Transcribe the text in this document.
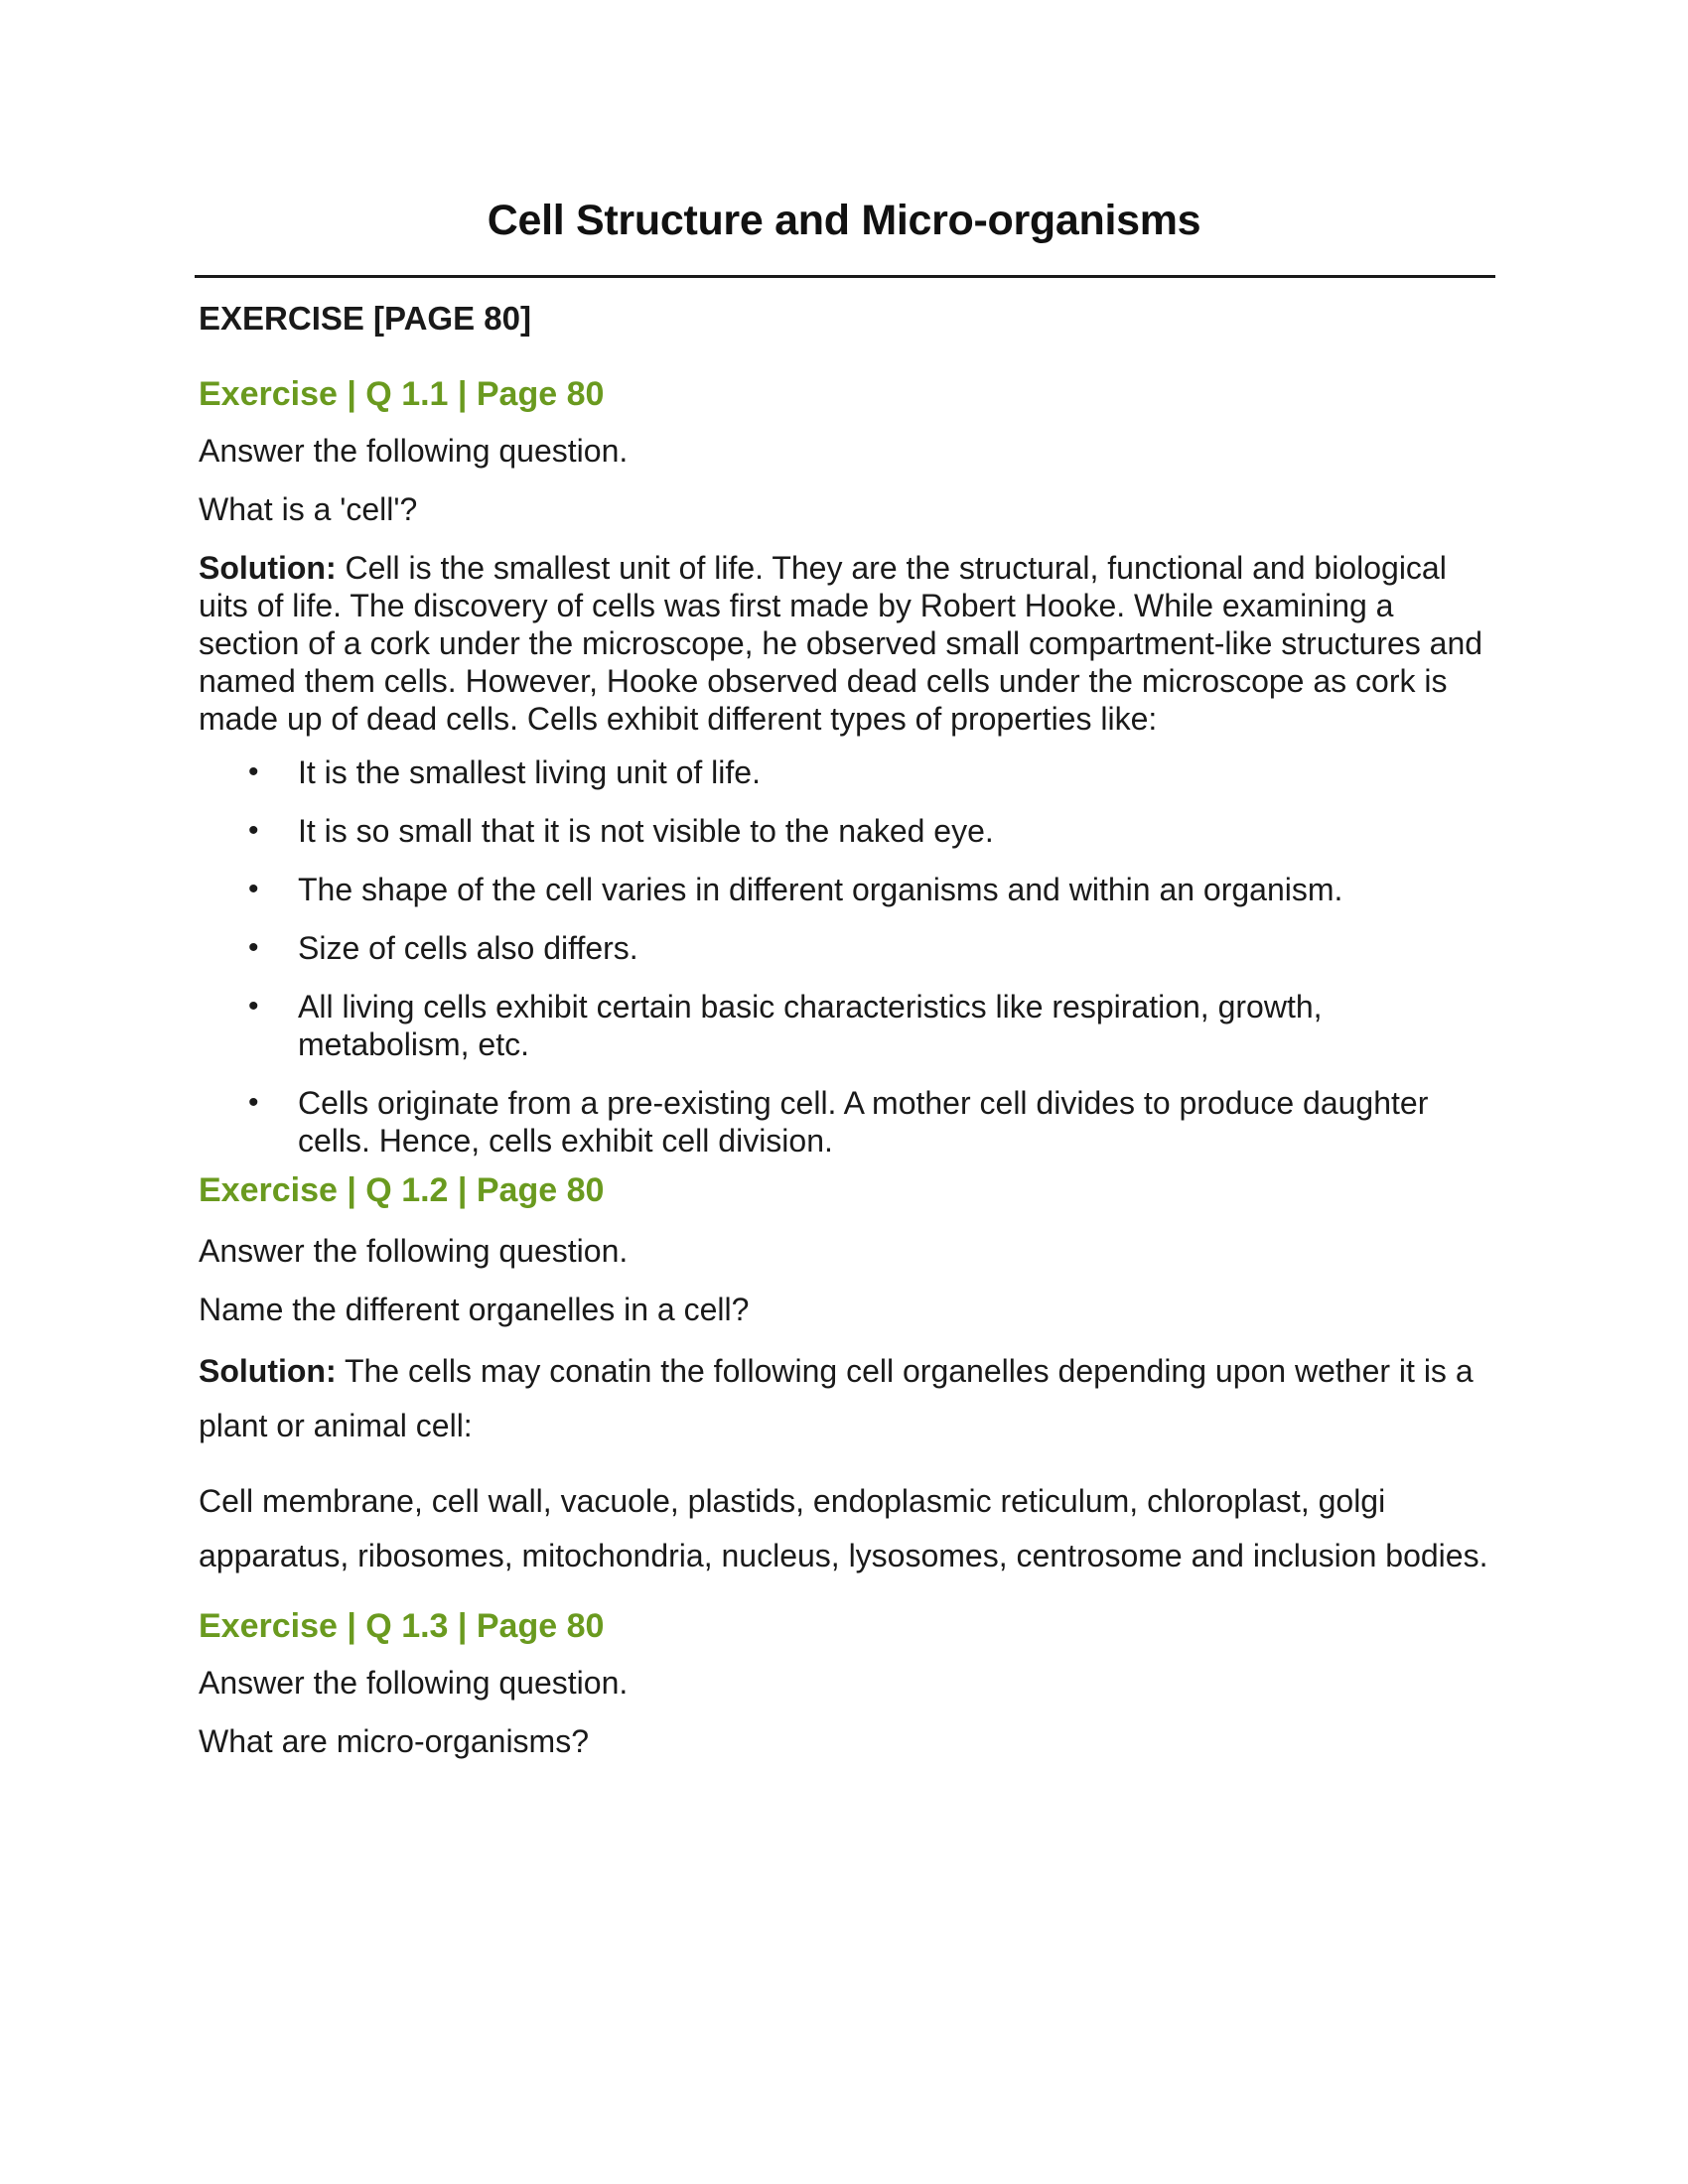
Cell Structure and Micro-organisms
EXERCISE [PAGE 80]
Exercise | Q 1.1 | Page 80

Answer the following question.

What is a 'cell'?

Solution: Cell is the smallest unit of life. They are the structural, functional and biological uits of life. The discovery of cells was first made by Robert Hooke. While examining a section of a cork under the microscope, he observed small compartment-like structures and named them cells. However, Hooke observed dead cells under the microscope as cork is made up of dead cells. Cells exhibit different types of properties like:

• It is the smallest living unit of life.
• It is so small that it is not visible to the naked eye.
• The shape of the cell varies in different organisms and within an organism.
• Size of cells also differs.
• All living cells exhibit certain basic characteristics like respiration, growth, metabolism, etc.
• Cells originate from a pre-existing cell. A mother cell divides to produce daughter cells. Hence, cells exhibit cell division.
Exercise | Q 1.2 | Page 80

Answer the following question.

Name the different organelles in a cell?

Solution: The cells may conatin the following cell organelles depending upon wether it is a plant or animal cell:

Cell membrane, cell wall, vacuole, plastids, endoplasmic reticulum, chloroplast, golgi apparatus, ribosomes, mitochondria, nucleus, lysosomes, centrosome and inclusion bodies.

Exercise | Q 1.3 | Page 80

Answer the following question.

What are micro-organisms?
